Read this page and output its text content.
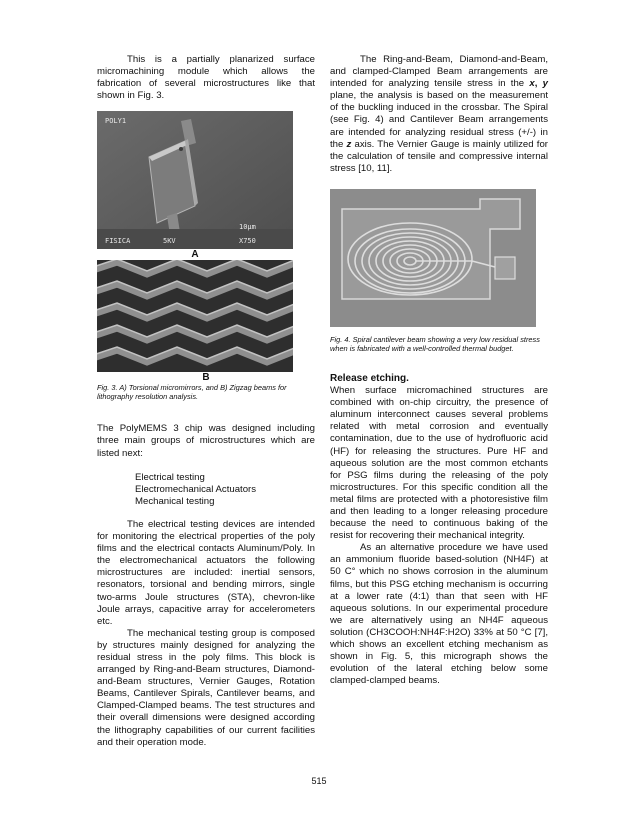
This is a partially planarized surface micromachining module which allows the fabrication of several microstructures like that shown in Fig. 3.

POLY1
10μm
FISICA	5KV	X750
A
B

Fig. 3. A) Torsional micromirrors, and B) Zigzag beams for lithography resolution analysis.

The PolyMEMS 3 chip was designed including three main groups of microstructures which are listed next:

Electrical testing
Electromechanical Actuators
Mechanical testing

The electrical testing devices are intended for monitoring the electrical properties of the poly films and the electrical contacts Aluminum/Poly. In the electromechanical actuators the following microstructures are included: inertial sensors, resonators, torsional and bending mirrors, single two-arms Joule structures (STA), chevron-like Joule arrays, capacitive array for accelerometers etc.

The mechanical testing group is composed by structures mainly designed for analyzing the residual stress in the poly films. This block is arranged by Ring-and-Beam structures, Diamond-and-Beam structures, Vernier Gauges, Rotation Beams, Cantilever Spirals, Cantilever beams, and Clamped-Clamped beams. The test structures and their overall dimensions were designed according the lithography capabilities of our current facilities and their operation mode.

The Ring-and-Beam, Diamond-and-Beam, and clamped-Clamped Beam arrangements are intended for analyzing tensile stress in the x, y plane, the analysis is based on the measurement of the buckling induced in the crossbar. The Spiral (see Fig. 4) and Cantilever Beam arrangements are intended for analyzing residual stress (+/-) in the z axis. The Vernier Gauge is mainly utilized for the calculation of tensile and compressive internal stress [10, 11].

Fig. 4. Spiral cantilever beam showing a very low residual stress when is fabricated with a well-controlled thermal budget.

Release etching.

When surface micromachined structures are combined with on-chip circuitry, the presence of aluminum interconnect causes several problems related with metal corrosion and eventually contamination, due to the use of hydrofluoric acid (HF) for releasing the structures. Pure HF and aqueous solution are the most common etchants for PSG films during the releasing of the poly microstructures. For this specific condition all the metal films are protected with a photoresistive film and then leading to a longer releasing procedure because the need to continuous baking of the resist for recovering their mechanical integrity.

As an alternative procedure we have used an ammonium fluoride based-solution (NH4F) at 50 C° which no shows corrosion in the aluminum films, but this PSG etching mechanism is occurring at a lower rate (4:1) than that seen with HF aqueous solutions. In our experimental procedure we are alternatively using an NH4F aqueous solution (CH3COOH:NH4F:H2O) 33% at 50 °C [7], which shows an excellent etching mechanism as shown in Fig. 5, this micrograph shows the evolution of the lateral etching below some clamped-clamped beams.

515
